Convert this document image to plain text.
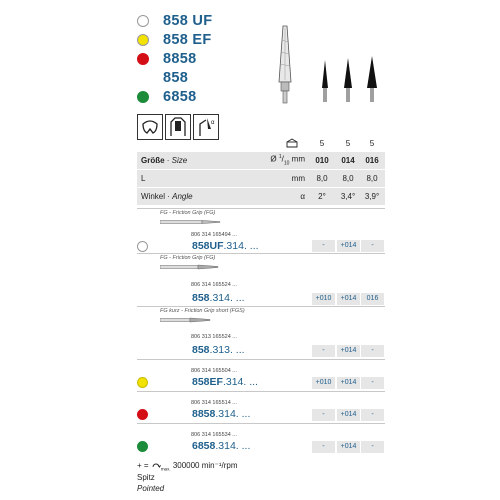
858 UF
858 EF
8858
858
6858
α
5	5	5
Größe · Size	Ø $^1/_{10}$ mm	010	014	016
L	mm	8,0	8,0	8,0
Winkel · Angle	α	2°	3,4°	3,9°
FG - Friction Grip (FG)
806 314 165494 ...
858UF.314. ...	-	+014	-
FG - Friction Grip (FG)
806 314 165524 ...
858.314. ...	+010	+014	016
FG kurz - Friction Grip short (FGS)
806 313 165524 ...
858.313. ...	-	+014	-
806 314 165504 ...
858EF.314. ...	+010	+014	-
806 314 165514 ...
8858.314. ...	-	+014	-
806 314 165534 ...
6858.314. ...	-	+014	-
+ =	$_{max.}$ 300000 min⁻¹/rpm
Spitz
Pointed
